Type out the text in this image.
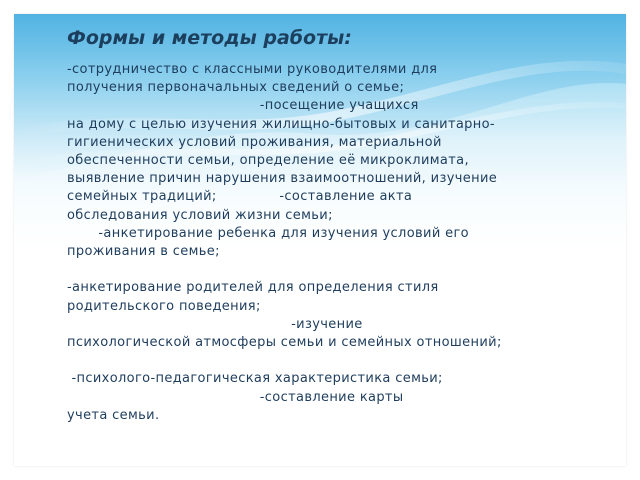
Формы и методы работы:
-сотрудничество с классными руководителями для
получения первоначальных сведений о семье;
-посещение учащихся
на дому с целью изучения жилищно-бытовых и санитарно-
гигиенических условий проживания, материальной
обеспеченности семьи, определение её микроклимата,
выявление причин нарушения взаимоотношений, изучение
семейных традиций;              -составление акта
обследования условий жизни семьи;
-анкетирование ребенка для изучения условий его
проживания в семье;
-анкетирование родителей для определения стиля
родительского поведения;
-изучение
психологической атмосферы семьи и семейных отношений;
-психолого-педагогическая характеристика семьи;
-составление карты
учета семьи.
